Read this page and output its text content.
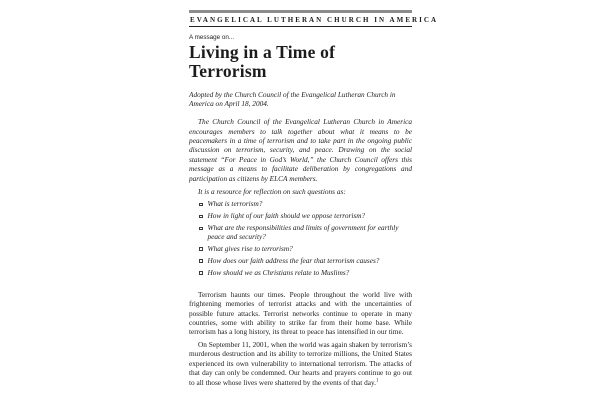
EVANGELICAL LUTHERAN CHURCH IN AMERICA
A message on...
Living in a Time of Terrorism

Adopted by the Church Council of the Evangelical Lutheran Church in America on April 18, 2004.

The Church Council of the Evangelical Lutheran Church in America encourages members to talk together about what it means to be peacemakers in a time of terrorism and to take part in the ongoing public discussion on terrorism, security, and peace. Drawing on the social statement “For Peace in God’s World,” the Church Council offers this message as a means to facilitate deliberation by congregations and participation as citizens by ELCA members.

It is a resource for reflection on such questions as:

What is terrorism?
How in light of our faith should we oppose terrorism?
What are the responsibilities and limits of government for earthly peace and security?
What gives rise to terrorism?
How does our faith address the fear that terrorism causes?
How should we as Christians relate to Muslims?

Terrorism haunts our times. People throughout the world live with frightening memories of terrorist attacks and with the uncertainties of possible future attacks. Terrorist networks continue to operate in many countries, some with ability to strike far from their home base. While terrorism has a long history, its threat to peace has intensified in our time.

On September 11, 2001, when the world was again shaken by terrorism’s murderous destruction and its ability to terrorize millions, the United States experienced its own vulnerability to international terrorism. The attacks of that day can only be condemned. Our hearts and prayers continue to go out to all those whose lives were shattered by the events of that day.$^1$
